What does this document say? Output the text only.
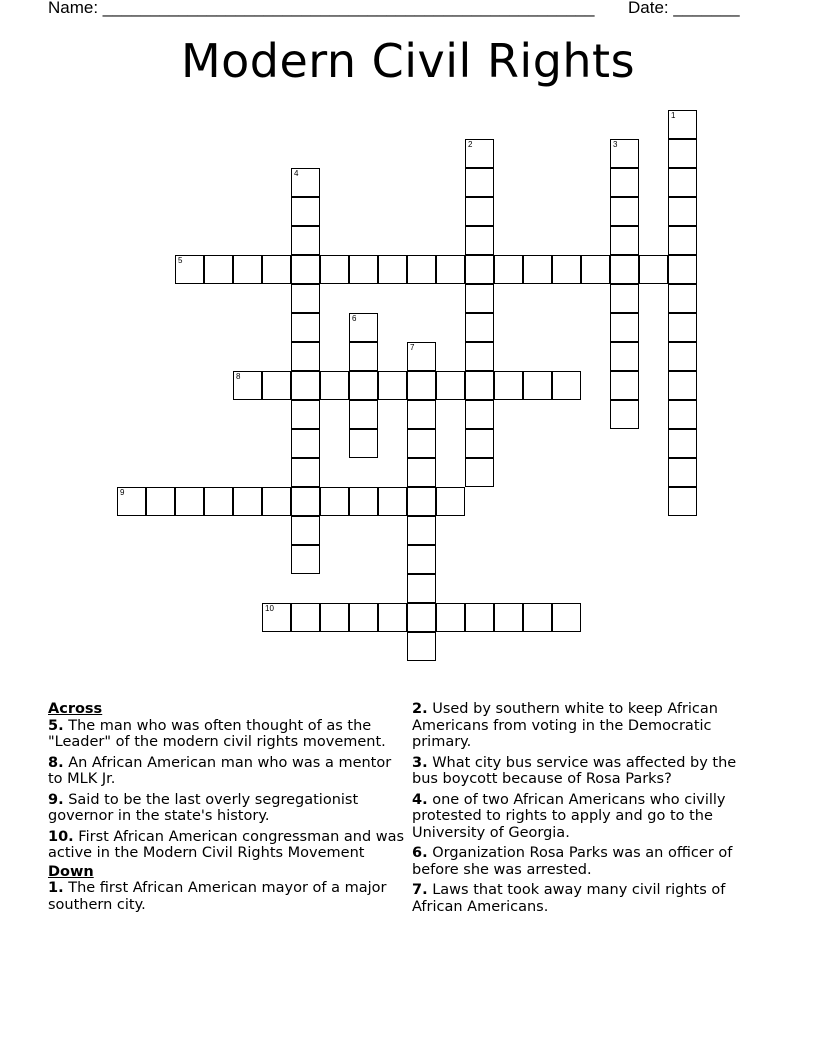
Name: ____________________________________________________ Date: _______
Modern Civil Rights
1
2	3
4
5
6
7
8
9
10

Across

5. The man who was often thought of as the "Leader" of the modern civil rights movement.

8. An African American man who was a mentor to MLK Jr.

9. Said to be the last overly segregationist governor in the state's history.

10. First African American congressman and was active in the Modern Civil Rights Movement

Down

1. The first African American mayor of a major southern city.

2. Used by southern white to keep African Americans from voting in the Democratic primary.

3. What city bus service was affected by the bus boycott because of Rosa Parks?

4. one of two African Americans who civilly protested to rights to apply and go to the University of Georgia.

6. Organization Rosa Parks was an officer of before she was arrested.

7. Laws that took away many civil rights of African Americans.
